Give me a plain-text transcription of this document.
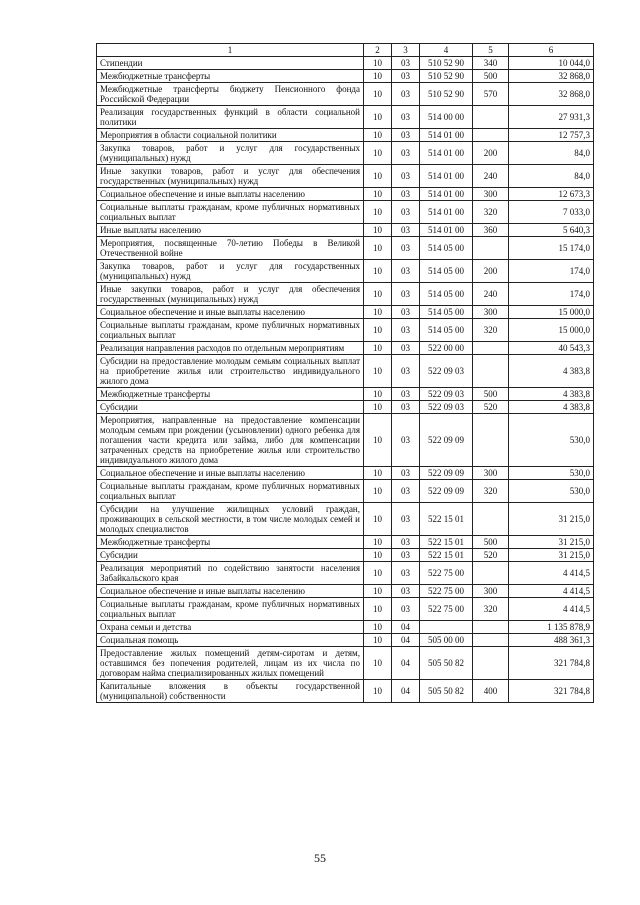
1	2	3	4	5	6
Стипендии	10	03	510 52 90	340	10 044,0
Межбюджетные трансферты	10	03	510 52 90	500	32 868,0
Межбюджетные трансферты бюджету Пенсионного фонда Российской Федерации	10	03	510 52 90	570	32 868,0
Реализация государственных функций в области социальной политики	10	03	514 00 00		27 931,3
Мероприятия в области социальной политики	10	03	514 01 00		12 757,3
Закупка товаров, работ и услуг для государственных (муниципальных) нужд	10	03	514 01 00	200	84,0
Иные закупки товаров, работ и услуг для обеспечения государственных (муниципальных) нужд	10	03	514 01 00	240	84,0
Социальное обеспечение и иные выплаты населению	10	03	514 01 00	300	12 673,3
Социальные выплаты гражданам, кроме публичных нормативных социальных выплат	10	03	514 01 00	320	7 033,0
Иные выплаты населению	10	03	514 01 00	360	5 640,3
Мероприятия, посвященные 70-летию Победы в Великой Отечественной войне	10	03	514 05 00		15 174,0
Закупка товаров, работ и услуг для государственных (муниципальных) нужд	10	03	514 05 00	200	174,0
Иные закупки товаров, работ и услуг для обеспечения государственных (муниципальных) нужд	10	03	514 05 00	240	174,0
Социальное обеспечение и иные выплаты населению	10	03	514 05 00	300	15 000,0
Социальные выплаты гражданам, кроме публичных нормативных социальных выплат	10	03	514 05 00	320	15 000,0
Реализация направления расходов по отдельным мероприятиям	10	03	522 00 00		40 543,3
Субсидии на предоставление молодым семьям социальных выплат на приобретение жилья или строительство индивидуального жилого дома	10	03	522 09 03		4 383,8
Межбюджетные трансферты	10	03	522 09 03	500	4 383,8
Субсидии	10	03	522 09 03	520	4 383,8
Мероприятия, направленные на предоставление компенсации молодым семьям при рождении (усыновлении) одного ребенка для погашения части кредита или займа, либо для компенсации затраченных средств на приобретение жилья или строительство индивидуального жилого дома	10	03	522 09 09		530,0
Социальное обеспечение и иные выплаты населению	10	03	522 09 09	300	530,0
Социальные выплаты гражданам, кроме публичных нормативных социальных выплат	10	03	522 09 09	320	530,0
Субсидии на улучшение жилищных условий граждан, проживающих в сельской местности, в том числе молодых семей и молодых специалистов	10	03	522 15 01		31 215,0
Межбюджетные трансферты	10	03	522 15 01	500	31 215,0
Субсидии	10	03	522 15 01	520	31 215,0
Реализация мероприятий по содействию занятости населения Забайкальского края	10	03	522 75 00		4 414,5
Социальное обеспечение и иные выплаты населению	10	03	522 75 00	300	4 414,5
Социальные выплаты гражданам, кроме публичных нормативных социальных выплат	10	03	522 75 00	320	4 414,5
Охрана семьи и детства	10	04			1 135 878,9
Социальная помощь	10	04	505 00 00		488 361,3
Предоставление жилых помещений детям-сиротам и детям, оставшимся без попечения родителей, лицам из их числа по договорам найма специализированных жилых помещений	10	04	505 50 82		321 784,8
Капитальные вложения в объекты государственной (муниципальной) собственности	10	04	505 50 82	400	321 784,8
55
